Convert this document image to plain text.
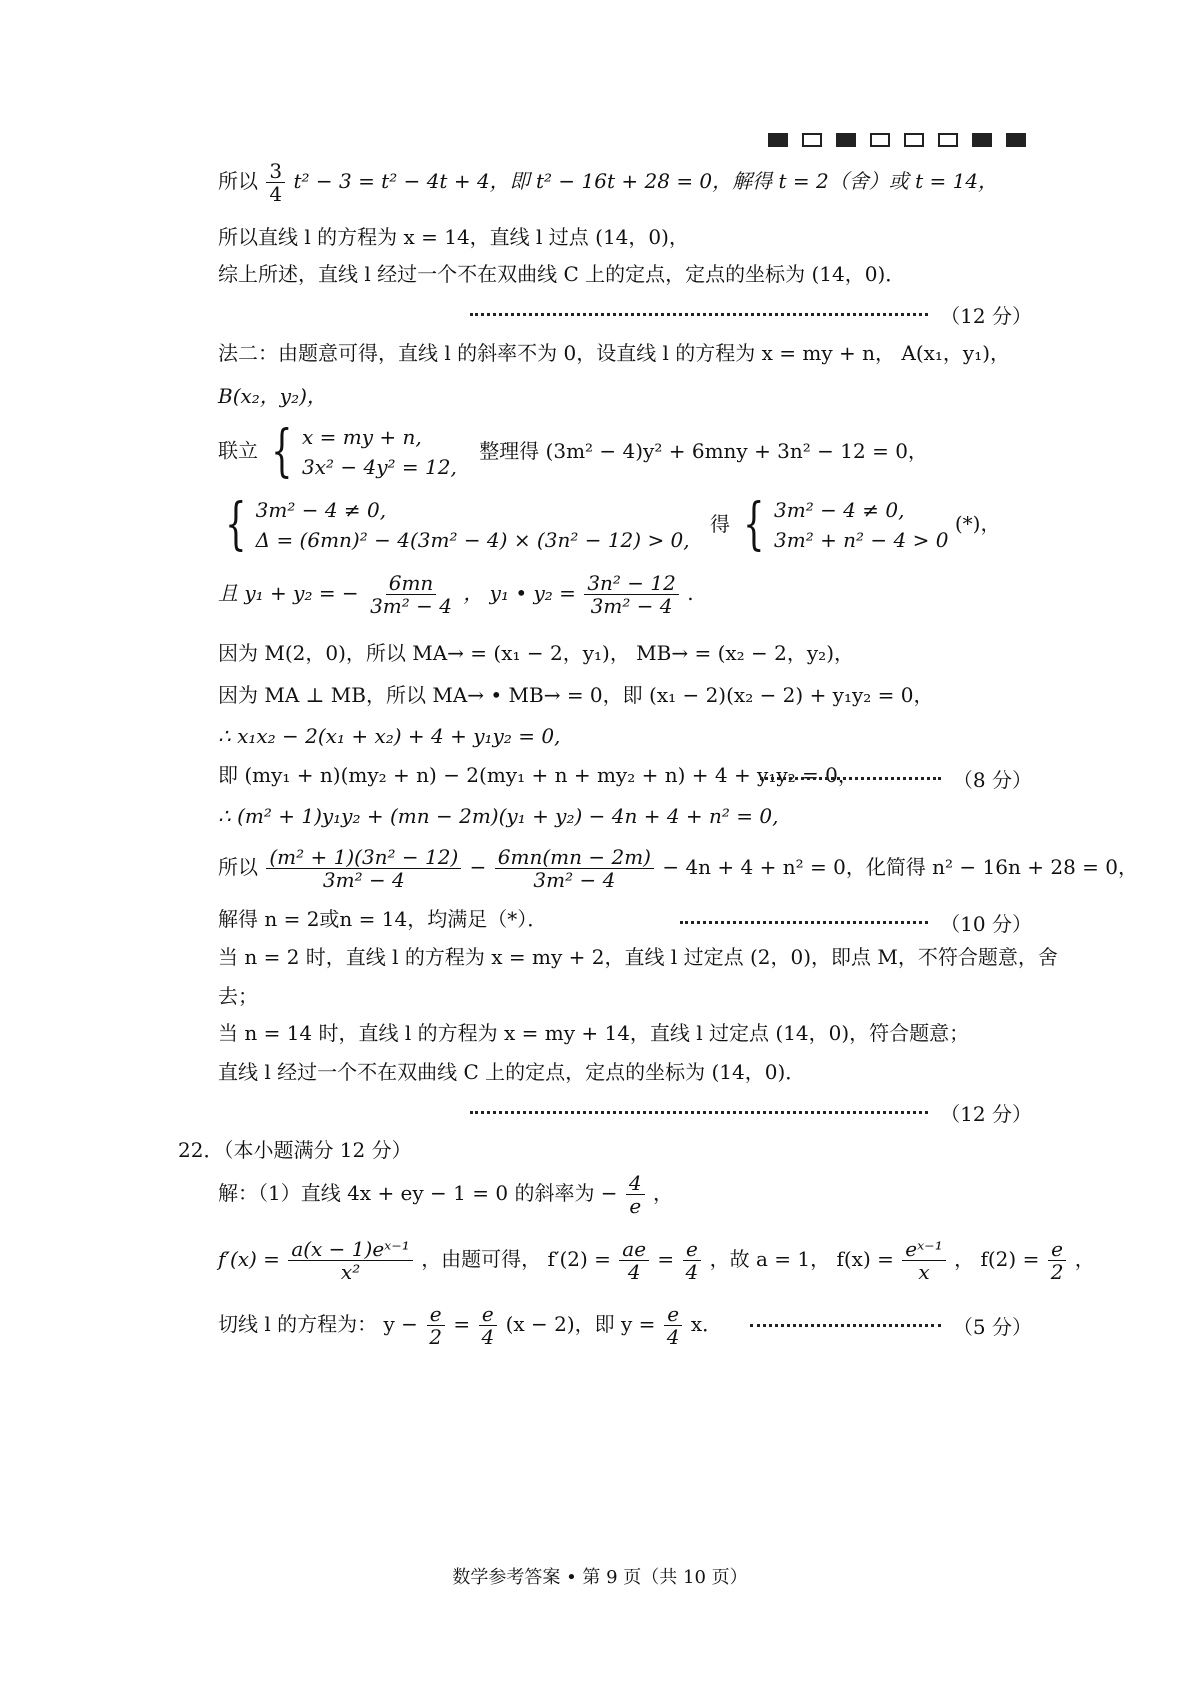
所以 $\frac{3}{4} t^2 - 3 = t^2 - 4t + 4$，即 t² − 16t + 28 = 0，解得 t = 2（舍）或 t = 14，
所以直线 l 的方程为 x = 14，直线 l 过点 (14，0)，
综上所述，直线 l 经过一个不在双曲线 C 上的定点，定点的坐标为 (14，0)．
（12 分）
法二：由题意可得，直线 l 的斜率不为 0，设直线 l 的方程为 x = my + n， A(x₁，y₁)，
B(x₂，y₂)，
联立 { x = my + n,
3x² − 4y² = 12,
整理得 (3m² − 4)y² + 6mny + 3n² − 12 = 0，
{ 3m² − 4 ≠ 0,
Δ = (6mn)² − 4(3m² − 4) × (3n² − 12) > 0,
得 { 3m² − 4 ≠ 0,
3m² + n² − 4 > 0
(*)，
且 y₁ + y₂ = − $\frac{6mn}{\text{3m² − 4}}$ ， y₁ • $y_2 = \frac{\text{3n² − 12}}{\text{3m² − 4}}$ .
因为 M(2，0)，所以 MA→ = (x₁ − 2，y₁)， MB→ = (x₂ − 2，y₂)，
因为 MA ⊥ MB，所以 MA→ • MB→ = 0，即 (x₁ − 2)(x₂ − 2) + y₁y₂ = 0，
∴ x₁x₂ − 2(x₁ + x₂) + 4 + y₁y₂ = 0,
即 (my₁ + n)(my₂ + n) − 2(my₁ + n + my₂ + n) + 4 + y₁y₂ = 0，	（8 分）
∴ (m² + 1)y₁y₂ + (mn − 2m)(y₁ + y₂) − 4n + 4 + n² = 0,
所以 $\frac{\text{(m² + 1)(3n² − 12)}}{\text{3m² − 4}} - \frac{6mn(mn - 2m)}{\text{3m² − 4}} - 4n + 4 + n^2 = 0$，化简得 n² − 16n + 28 = 0，
解得 n = 2或n = 14，均满足（*）．	（10 分）
当 n = 2 时，直线 l 的方程为 x = my + 2，直线 l 过定点 (2，0)，即点 M，不符合题意，舍
去；
当 n = 14 时，直线 l 的方程为 x = my + 14，直线 l 过定点 (14，0)，符合题意；
直线 l 经过一个不在双曲线 C 上的定点，定点的坐标为 (14，0)．
（12 分）
22．（本小题满分 12 分）
解：（1）直线 4x + ey − 1 = 0 的斜率为 − $\frac{4}{e}$ ，
$f'(x) = \frac{\text{a(x − 1)eˣ⁻¹}}{\text{x²}}$ ，由题可得， $f'(2) = \frac{ae}{4} = \frac{e}{4}$ ，故 a = 1， $f(x) = \frac{\text{eˣ⁻¹}}{x}$ ， $f(2) = \frac{e}{2}$ ，
切线 l 的方程为： $y - \frac{e}{2} = \frac{e}{4} (x - 2)$，即 $y = \frac{e}{4}$ x．	（5 分）
数学参考答案 • 第 9 页（共 10 页）
